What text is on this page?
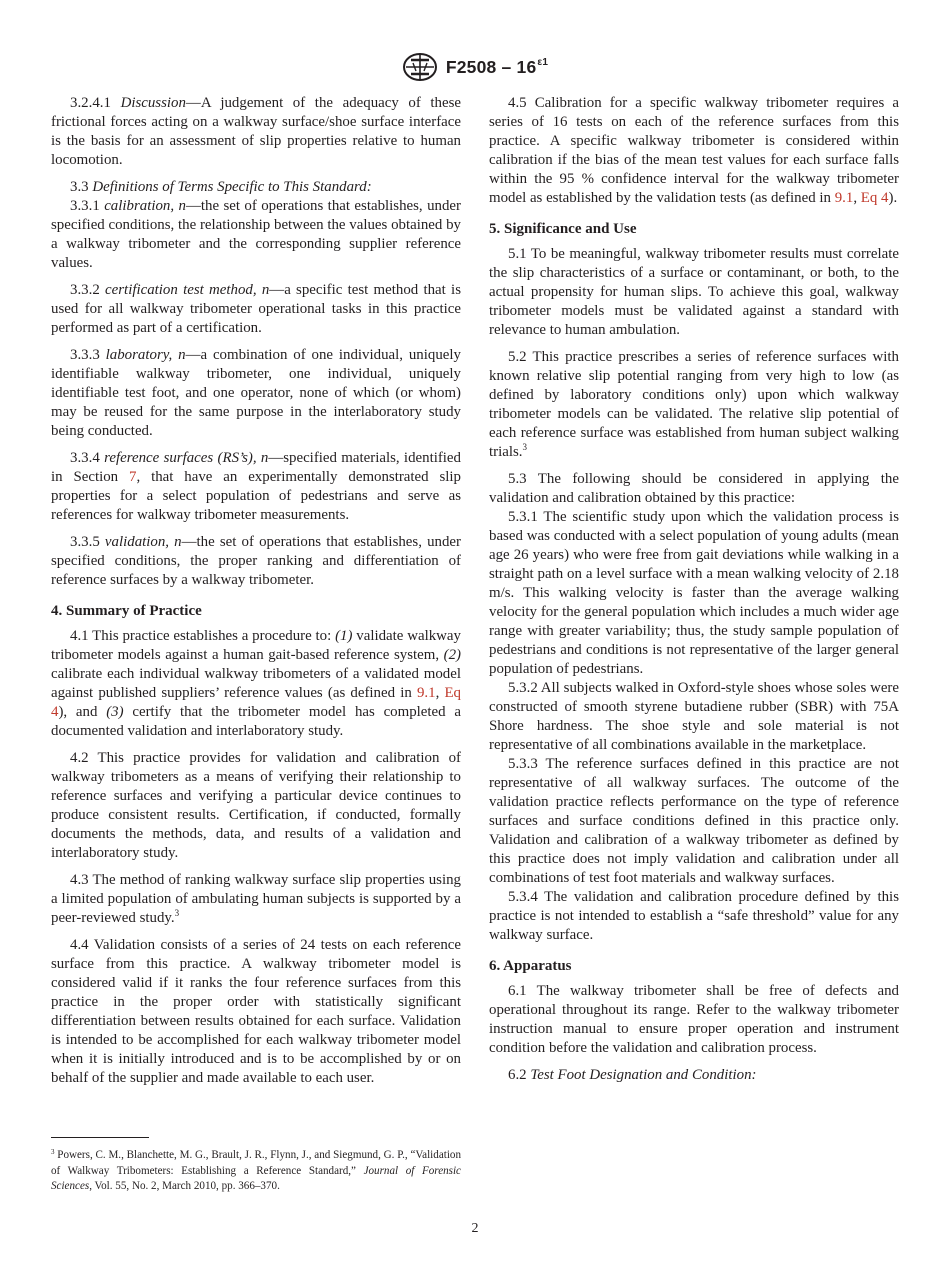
$F2508 - 16^{\varepsilon 1}$

3.2.4.1 Discussion—A judgement of the adequacy of these frictional forces acting on a walkway surface/shoe surface interface is the basis for an assessment of slip properties relative to human locomotion.

3.3 Definitions of Terms Specific to This Standard:

3.3.1 calibration, n—the set of operations that establishes, under specified conditions, the relationship between the values obtained by a walkway tribometer and the corresponding supplier reference values.

3.3.2 certification test method, n—a specific test method that is used for all walkway tribometer operational tasks in this practice performed as part of a certification.

3.3.3 laboratory, n—a combination of one individual, uniquely identifiable walkway tribometer, one individual, uniquely identifiable test foot, and one operator, none of which (or whom) may be reused for the same purpose in the interlaboratory study being conducted.

3.3.4 reference surfaces (RS’s), n—specified materials, identified in Section 7, that have an experimentally demonstrated slip properties for a select population of pedestrians and serve as references for walkway tribometer measurements.

3.3.5 validation, n—the set of operations that establishes, under specified conditions, the proper ranking and differentiation of reference surfaces by a walkway tribometer.

4. Summary of Practice

4.1 This practice establishes a procedure to: (1) validate walkway tribometer models against a human gait-based reference system, (2) calibrate each individual walkway tribometers of a validated model against published suppliers’ reference values (as defined in 9.1, Eq 4), and (3) certify that the tribometer model has completed a documented validation and interlaboratory study.

4.2 This practice provides for validation and calibration of walkway tribometers as a means of verifying their relationship to reference surfaces and verifying a particular device continues to produce consistent results. Certification, if conducted, formally documents the methods, data, and results of a validation and interlaboratory study.

4.3 The method of ranking walkway surface slip properties using a limited population of ambulating human subjects is supported by a peer-reviewed study.$^3$

4.4 Validation consists of a series of 24 tests on each reference surface from this practice. A walkway tribometer model is considered valid if it ranks the four reference surfaces from this practice in the proper order with statistically significant differentiation between results obtained for each surface. Validation is intended to be accomplished for each walkway tribometer model when it is initially introduced and is to be accomplished by or on behalf of the supplier and made available to each user.

$^3$ Powers, C. M., Blanchette, M. G., Brault, J. R., Flynn, J., and Siegmund, G. P., “Validation of Walkway Tribometers: Establishing a Reference Standard,” Journal of Forensic Sciences, Vol. 55, No. 2, March 2010, pp. 366–370.

4.5 Calibration for a specific walkway tribometer requires a series of 16 tests on each of the reference surfaces from this practice. A specific walkway tribometer is considered within calibration if the bias of the mean test values for each surface falls within the 95 % confidence interval for the walkway tribometer model as established by the validation tests (as defined in 9.1, Eq 4).

5. Significance and Use

5.1 To be meaningful, walkway tribometer results must correlate the slip characteristics of a surface or contaminant, or both, to the actual propensity for human slips. To achieve this goal, walkway tribometer models must be validated against a standard with relevance to human ambulation.

5.2 This practice prescribes a series of reference surfaces with known relative slip potential ranging from very high to low (as defined by laboratory conditions only) upon which walkway tribometer models can be validated. The relative slip potential of each reference surface was established from human subject walking trials.$^3$

5.3 The following should be considered in applying the validation and calibration obtained by this practice:

5.3.1 The scientific study upon which the validation process is based was conducted with a select population of young adults (mean age 26 years) who were free from gait deviations while walking in a straight path on a level surface with a mean walking velocity of 2.18 m/s. This walking velocity is faster than the average walking velocity for the general population which includes a much wider age range with greater variability; thus, the study sample population of pedestrians and conditions is not representative of the larger general population of pedestrians.

5.3.2 All subjects walked in Oxford-style shoes whose soles were constructed of smooth styrene butadiene rubber (SBR) with 75A Shore hardness. The shoe style and sole material is not representative of all combinations available in the marketplace.

5.3.3 The reference surfaces defined in this practice are not representative of all walkway surfaces. The outcome of the validation practice reflects performance on the type of reference surfaces and surface conditions defined in this practice only. Validation and calibration of a walkway tribometer as defined by this practice does not imply validation and calibration under all combinations of test foot materials and walkway surfaces.

5.3.4 The validation and calibration procedure defined by this practice is not intended to establish a “safe threshold” value for any walkway surface.

6. Apparatus

6.1 The walkway tribometer shall be free of defects and operational throughout its range. Refer to the walkway tribometer instruction manual to ensure proper operation and instrument condition before the validation and calibration process.

6.2 Test Foot Designation and Condition:

2
